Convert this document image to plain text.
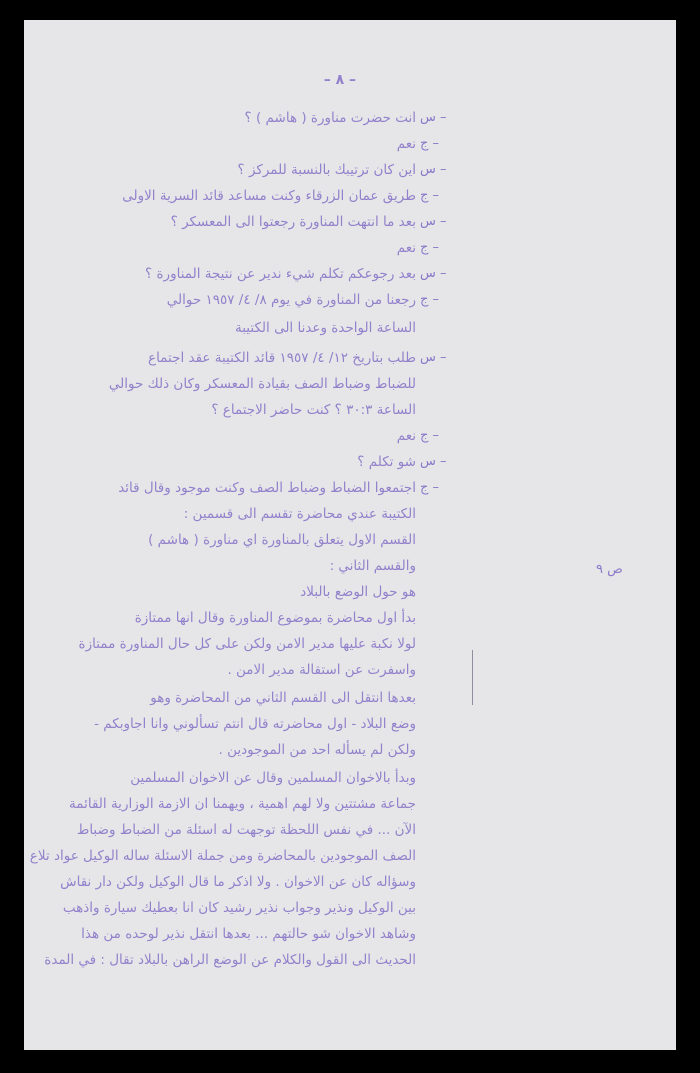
– ٨ –
س –
ج –
س –
ج –
س –
ج –
س –
ج –
س –
ج –
س –
ج –
انت حضرت مناورة ( هاشم ) ؟
نعم
اين كان ترتيبك بالنسبة للمركز ؟
طريق عمان الزرقاء وكنت مساعد قائد السرية الاولى
بعد ما انتهت المناورة رجعتوا الى المعسكر ؟
نعم
بعد رجوعكم تكلم شيء ندير عن نتيجة المناورة ؟
رجعنا من المناورة في يوم ٨/ ٤/ ١٩٥٧ حوالي
الساعة الواحدة وعدنا الى الكتيبة
طلب بتاريخ ١٢/ ٤/ ١٩٥٧ قائد الكتيبة عقد اجتماع
للضباط وضباط الصف بقيادة المعسكر وكان ذلك حوالي
الساعة ٣٠:٣ ؟ كنت حاضر الاجتماع ؟
نعم
شو تكلم ؟
اجتمعوا الضباط وضباط الصف وكنت موجود وقال قائد
الكتيبة عندي محاضرة تقسم الى قسمين :
القسم الاول يتعلق بالمناورة اي مناورة ( هاشم )
والقسم الثاني :
هو حول الوضع بالبلاد
بدأ اول محاضرة بموضوع المناورة وقال انها ممتازة
لولا نكبة عليها مدير الامن ولكن على كل حال المناورة ممتازة
واسفرت عن استقالة مدير الامن .
بعدها انتقل الى القسم الثاني من المحاضرة وهو
وضع البلاد - اول محاضرته قال انتم تسألوني وانا اجاوبكم -
ولكن لم يسأله احد من الموجودين .
وبدأ بالاخوان المسلمين وقال عن الاخوان المسلمين
جماعة مشتتين ولا لهم اهمية ، ويهمنا ان الازمة الوزارية القائمة
الآن ... في نفس اللحظة توجهت له اسئلة من الضباط وضباط
الصف الموجودين بالمحاضرة ومن جملة الاسئلة ساله الوكيل عواد تلاع
وسؤاله كان عن الاخوان . ولا اذكر ما قال الوكيل ولكن دار نقاش
بين الوكيل ونذير وجواب نذير رشيد كان انا بعطيك سيارة واذهب
وشاهد الاخوان شو حالتهم ... بعدها انتقل نذير لوحده من هذا
الحديث الى القول والكلام عن الوضع الراهن بالبلاد تقال : في المدة
ص ٩
